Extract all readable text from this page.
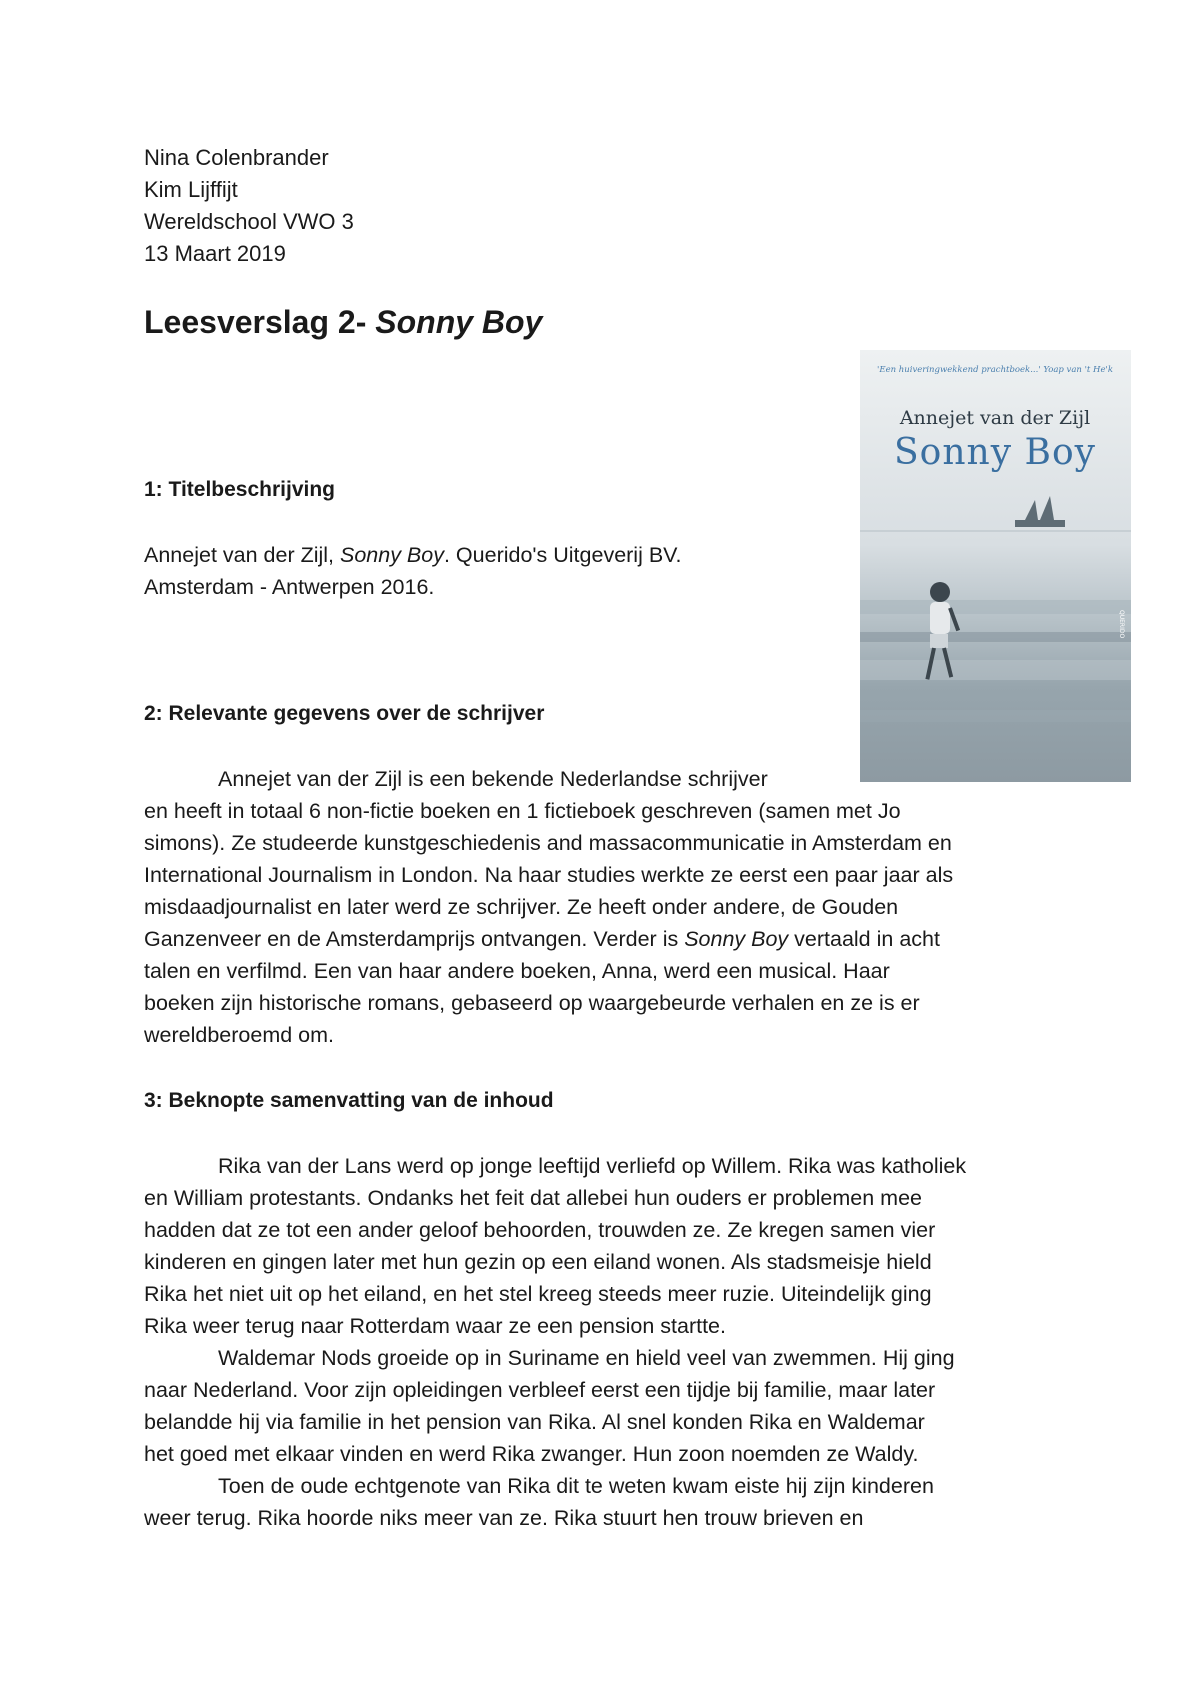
Nina Colenbrander
Kim Lijffijt
Wereldschool VWO 3
13 Maart 2019
Leesverslag 2- Sonny Boy
'Een huiveringwekkend prachtboek...' Yoap van 't He'k
Annejet van der Zijl
Sonny Boy
QUERIDO
1: Titelbeschrijving
Annejet van der Zijl, Sonny Boy. Querido's Uitgeverij BV.
Amsterdam - Antwerpen 2016.
2: Relevante gegevens over de schrijver
Annejet van der Zijl is een bekende Nederlandse schrijver
en heeft in totaal 6 non-fictie boeken en 1 fictieboek geschreven (samen met Jo
simons). Ze studeerde kunstgeschiedenis and massacommunicatie in Amsterdam en
International Journalism in London. Na haar studies werkte ze eerst een paar jaar als
misdaadjournalist en later werd ze schrijver. Ze heeft onder andere, de Gouden
Ganzenveer en de Amsterdamprijs ontvangen. Verder is Sonny Boy vertaald in acht
talen en verfilmd. Een van haar andere boeken, Anna, werd een musical. Haar
boeken zijn historische romans, gebaseerd op waargebeurde verhalen en ze is er
wereldberoemd om.
3: Beknopte samenvatting van de inhoud
Rika van der Lans werd op jonge leeftijd verliefd op Willem. Rika was katholiek
en William protestants. Ondanks het feit dat allebei hun ouders er problemen mee
hadden dat ze tot een ander geloof behoorden, trouwden ze. Ze kregen samen vier
kinderen en gingen later met hun gezin op een eiland wonen. Als stadsmeisje hield
Rika het niet uit op het eiland, en het stel kreeg steeds meer ruzie. Uiteindelijk ging
Rika weer terug naar Rotterdam waar ze een pension startte.
Waldemar Nods groeide op in Suriname en hield veel van zwemmen. Hij ging
naar Nederland. Voor zijn opleidingen verbleef eerst een tijdje bij familie, maar later
belandde hij via familie in het pension van Rika. Al snel konden Rika en Waldemar
het goed met elkaar vinden en werd Rika zwanger. Hun zoon noemden ze Waldy.
Toen de oude echtgenote van Rika dit te weten kwam eiste hij zijn kinderen
weer terug. Rika hoorde niks meer van ze. Rika stuurt hen trouw brieven en
